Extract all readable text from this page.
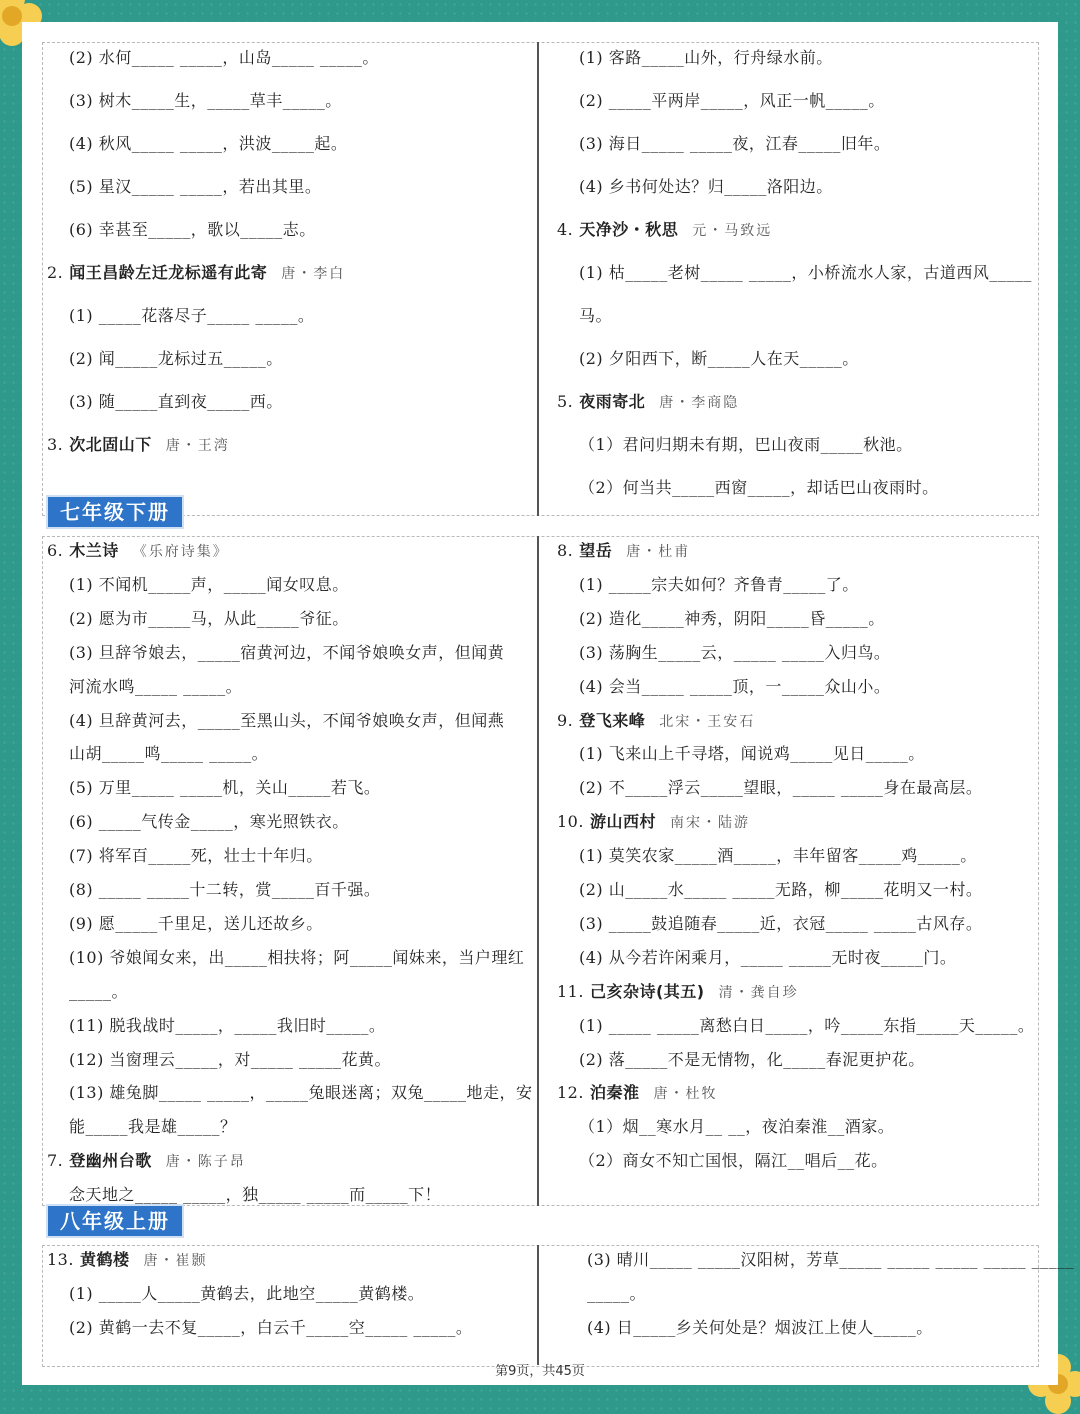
七年级下册
八年级上册
第9页，共45页
(2) 水何_____ _____，山岛_____ _____。
(3) 树木_____生，_____草丰_____。
(4) 秋风_____ _____，洪波_____起。
(5) 星汉_____ _____，若出其里。
(6) 幸甚至_____，歌以_____志。
2. 闻王昌龄左迁龙标遥有此寄 唐・李白
(1) _____花落尽子_____ _____。
(2) 闻_____龙标过五_____。
(3) 随_____直到夜_____西。
3. 次北固山下 唐・王湾
(1) 客路_____山外，行舟绿水前。
(2) _____平两岸_____，风正一帆_____。
(3) 海日_____ _____夜，江春_____旧年。
(4) 乡书何处达？归_____洛阳边。
4. 天净沙・秋思 元・马致远
(1) 枯_____老树_____ _____，小桥流水人家，古道西风_____
马。
(2) 夕阳西下，断_____人在天_____。
5. 夜雨寄北 唐・李商隐
（1）君问归期未有期，巴山夜雨_____秋池。
（2）何当共_____西窗_____，却话巴山夜雨时。
6. 木兰诗 《乐府诗集》
(1) 不闻机_____声，_____闻女叹息。
(2) 愿为市_____马，从此_____爷征。
(3) 旦辞爷娘去，_____宿黄河边，不闻爷娘唤女声，但闻黄
河流水鸣_____ _____。
(4) 旦辞黄河去，_____至黑山头，不闻爷娘唤女声，但闻燕
山胡_____鸣_____ _____。
(5) 万里_____ _____机，关山_____若飞。
(6) _____气传金_____，寒光照铁衣。
(7) 将军百_____死，壮士十年归。
(8) _____ _____十二转，赏_____百千强。
(9) 愿_____千里足，送儿还故乡。
(10) 爷娘闻女来，出_____相扶将；阿_____闻妹来，当户理红
_____。
(11) 脱我战时_____，_____我旧时_____。
(12) 当窗理云_____，对_____ _____花黄。
(13) 雄兔脚_____ _____，_____兔眼迷离；双兔_____地走，安
能_____我是雄_____？
7. 登幽州台歌 唐・陈子昂
念天地之_____ _____，独_____ _____而_____下！
8. 望岳 唐・杜甫
(1) _____宗夫如何？齐鲁青_____了。
(2) 造化_____神秀，阴阳_____昏_____。
(3) 荡胸生_____云，_____ _____入归鸟。
(4) 会当_____ _____顶，一_____众山小。
9. 登飞来峰 北宋・王安石
(1) 飞来山上千寻塔，闻说鸡_____见日_____。
(2) 不_____浮云_____望眼，_____ _____身在最高层。
10. 游山西村 南宋・陆游
(1) 莫笑农家_____酒_____，丰年留客_____鸡_____。
(2) 山_____水_____ _____无路，柳_____花明又一村。
(3) _____鼓追随春_____近，衣冠_____ _____古风存。
(4) 从今若许闲乘月，_____ _____无时夜_____门。
11. 己亥杂诗(其五) 清・龚自珍
(1) _____ _____离愁白日_____，吟_____东指_____天_____。
(2) 落_____不是无情物，化_____春泥更护花。
12. 泊秦淮 唐・杜牧
（1）烟__寒水月__ __，夜泊秦淮__酒家。
（2）商女不知亡国恨，隔江__唱后__花。
13. 黄鹤楼 唐・崔颢
(1) _____人_____黄鹤去，此地空_____黄鹤楼。
(2) 黄鹤一去不复_____，白云千_____空_____ _____。
(3) 晴川_____ _____汉阳树，芳草_____ _____ _____ _____ _____
_____。
(4) 日_____乡关何处是？烟波江上使人_____。
